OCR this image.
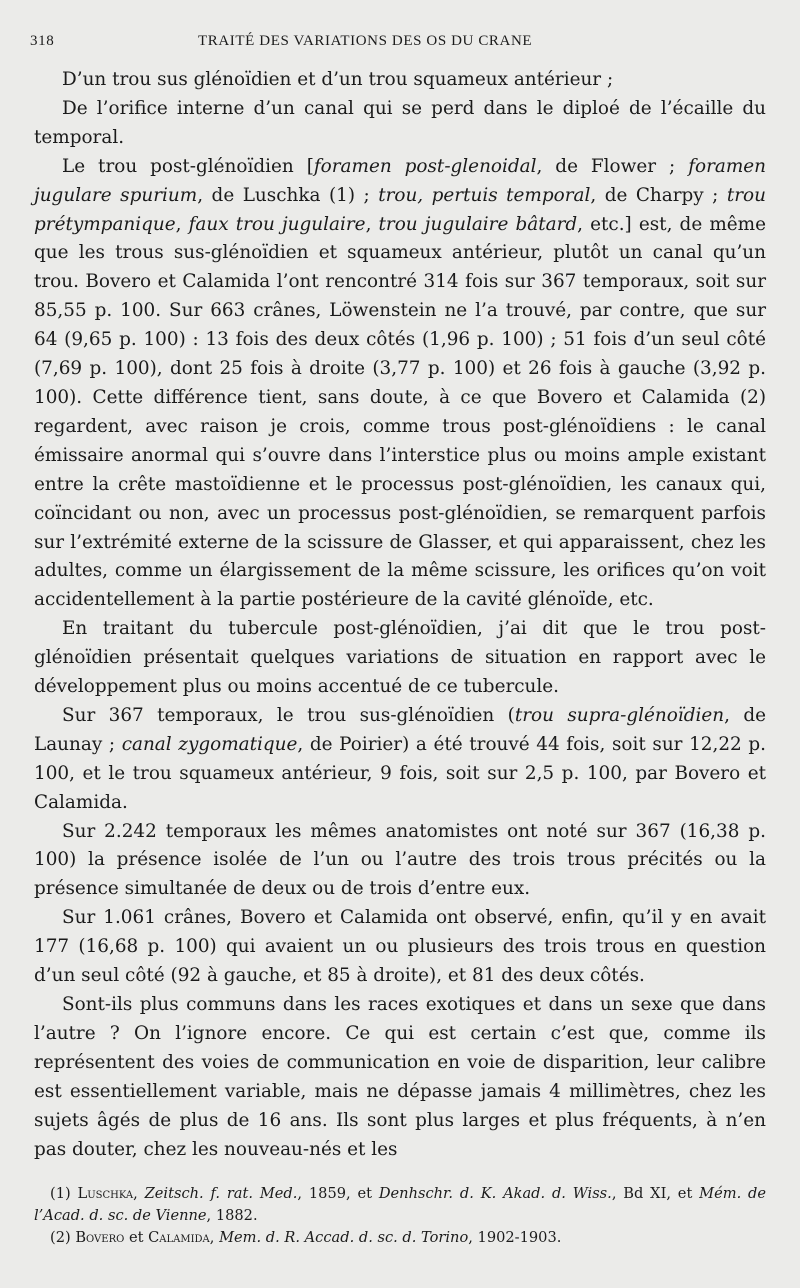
318	TRAITÉ DES VARIATIONS DES OS DU CRANE

D’un trou sus glénoïdien et d’un trou squameux antérieur ;

De l’orifice interne d’un canal qui se perd dans le diploé de l’écaille du temporal.

Le trou post-glénoïdien [foramen post-glenoidal, de Flower ; foramen jugulare spurium, de Luschka (1) ; trou, pertuis temporal, de Charpy ; trou prétympanique, faux trou jugulaire, trou jugulaire bâtard, etc.] est, de même que les trous sus-glénoïdien et squameux antérieur, plutôt un canal qu’un trou. Bovero et Calamida l’ont rencontré 314 fois sur 367 temporaux, soit sur 85,55 p. 100. Sur 663 crânes, Löwenstein ne l’a trouvé, par contre, que sur 64 (9,65 p. 100) : 13 fois des deux côtés (1,96 p. 100) ; 51 fois d’un seul côté (7,69 p. 100), dont 25 fois à droite (3,77 p. 100) et 26 fois à gauche (3,92 p. 100). Cette différence tient, sans doute, à ce que Bovero et Calamida (2) regardent, avec raison je crois, comme trous post-glénoïdiens : le canal émissaire anormal qui s’ouvre dans l’interstice plus ou moins ample existant entre la crête mastoïdienne et le processus post-glénoïdien, les canaux qui, coïncidant ou non, avec un processus post-glénoïdien, se remarquent parfois sur l’extrémité externe de la scissure de Glasser, et qui apparaissent, chez les adultes, comme un élargissement de la même scissure, les orifices qu’on voit accidentellement à la partie postérieure de la cavité glénoïde, etc.

En traitant du tubercule post-glénoïdien, j’ai dit que le trou post-glénoïdien présentait quelques variations de situation en rapport avec le développement plus ou moins accentué de ce tubercule.

Sur 367 temporaux, le trou sus-glénoïdien (trou supra-glénoïdien, de Launay ; canal zygomatique, de Poirier) a été trouvé 44 fois, soit sur 12,22 p. 100, et le trou squameux antérieur, 9 fois, soit sur 2,5 p. 100, par Bovero et Calamida.

Sur 2.242 temporaux les mêmes anatomistes ont noté sur 367 (16,38 p. 100) la présence isolée de l’un ou l’autre des trois trous précités ou la présence simultanée de deux ou de trois d’entre eux.

Sur 1.061 crânes, Bovero et Calamida ont observé, enfin, qu’il y en avait 177 (16,68 p. 100) qui avaient un ou plusieurs des trois trous en question d’un seul côté (92 à gauche, et 85 à droite), et 81 des deux côtés.

Sont-ils plus communs dans les races exotiques et dans un sexe que dans l’autre ? On l’ignore encore. Ce qui est certain c’est que, comme ils représentent des voies de communication en voie de disparition, leur calibre est essentiellement variable, mais ne dépasse jamais 4 millimètres, chez les sujets âgés de plus de 16 ans. Ils sont plus larges et plus fréquents, à n’en pas douter, chez les nouveau-nés et les

(1) Luschka, Zeitsch. f. rat. Med., 1859, et Denhschr. d. K. Akad. d. Wiss., Bd XI, et Mém. de l’Acad. d. sc. de Vienne, 1882.

(2) Bovero et Calamida, Mem. d. R. Accad. d. sc. d. Torino, 1902-1903.
